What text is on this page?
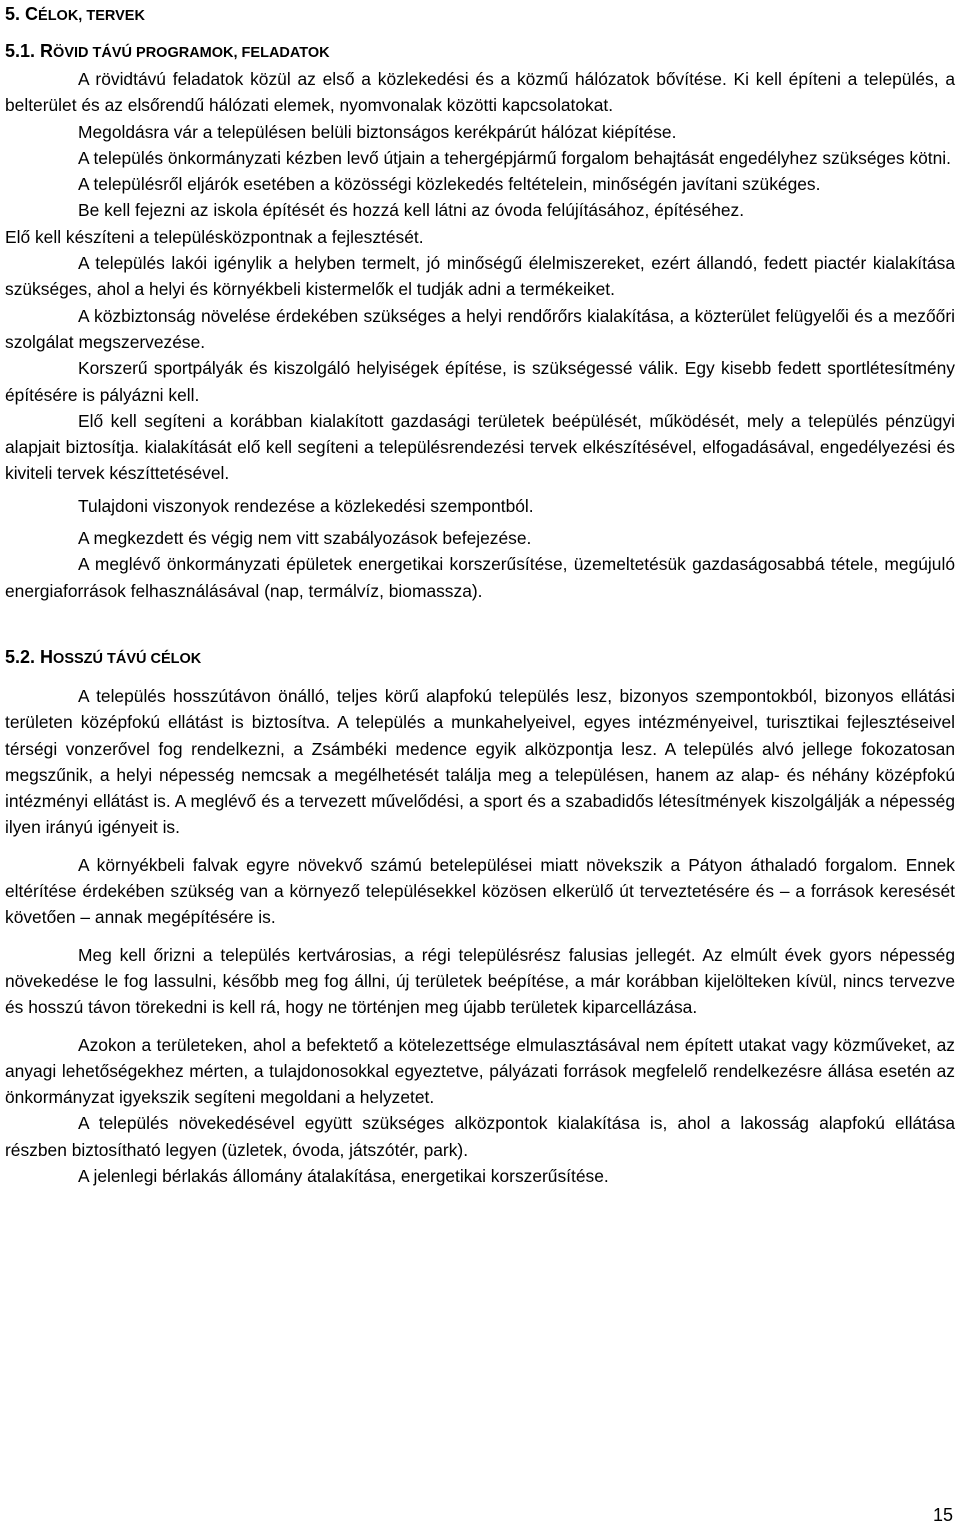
5. CÉLOK, TERVEK
5.1. RÖVID TÁVÚ PROGRAMOK, FELADATOK

A rövidtávú feladatok közül az első a közlekedési és a közmű hálózatok bővítése. Ki kell építeni a település, a belterület és az elsőrendű hálózati elemek, nyomvonalak közötti kapcsolatokat.

Megoldásra vár a településen belüli biztonságos kerékpárút hálózat kiépítése.

A település önkormányzati kézben levő útjain a tehergépjármű forgalom behajtását engedélyhez szükséges kötni.

A településről eljárók esetében a közösségi közlekedés feltételein, minőségén javítani szükéges.

Be kell fejezni az iskola építését és hozzá kell látni az óvoda felújításához, építéséhez.

Elő kell készíteni a településközpontnak a fejlesztését.

A település lakói igénylik a helyben termelt, jó minőségű élelmiszereket, ezért állandó, fedett piactér kialakítása szükséges, ahol a helyi és környékbeli kistermelők el tudják adni a termékeiket.

A közbiztonság növelése érdekében szükséges a helyi rendőrőrs kialakítása, a közterület felügyelői és a mezőőri szolgálat megszervezése.

Korszerű sportpályák és kiszolgáló helyiségek építése, is szükségessé válik. Egy kisebb fedett sportlétesítmény építésére is pályázni kell.

Elő kell segíteni a korábban kialakított gazdasági területek beépülését, működését, mely a település pénzügyi alapjait biztosítja. kialakítását elő kell segíteni a településrendezési tervek elkészítésével, elfogadásával, engedélyezési és kiviteli tervek készíttetésével.

Tulajdoni viszonyok rendezése a közlekedési szempontból.

A megkezdett és végig nem vitt szabályozások befejezése.

A meglévő önkormányzati épületek energetikai korszerűsítése, üzemeltetésük gazdaságosabbá tétele, megújuló energiaforrások felhasználásával (nap, termálvíz, biomassza).

5.2. HOSSZÚ TÁVÚ CÉLOK

A település hosszútávon önálló, teljes körű alapfokú település lesz, bizonyos szempontokból, bizonyos ellátási területen középfokú ellátást is biztosítva. A település a munkahelyeivel, egyes intézményeivel, turisztikai fejlesztéseivel térségi vonzerővel fog rendelkezni, a Zsámbéki medence egyik alközpontja lesz. A település alvó jellege fokozatosan megszűnik, a helyi népesség nemcsak a megélhetését találja meg a településen, hanem az alap- és néhány középfokú intézményi ellátást is. A meglévő és a tervezett művelődési, a sport és a szabadidős létesítmények kiszolgálják a népesség ilyen irányú igényeit is.

A környékbeli falvak egyre növekvő számú betelepülései miatt növekszik a Pátyon áthaladó forgalom. Ennek eltérítése érdekében szükség van a környező településekkel közösen elkerülő út terveztetésére és – a források keresését követően – annak megépítésére is.

Meg kell őrizni a település kertvárosias, a régi településrész falusias jellegét. Az elmúlt évek gyors népesség növekedése le fog lassulni, később meg fog állni, új területek beépítése, a már korábban kijelölteken kívül, nincs tervezve és hosszú távon törekedni is kell rá, hogy ne történjen meg újabb területek kiparcellázása.

Azokon a területeken, ahol a befektető a kötelezettsége elmulasztásával nem épített utakat vagy közműveket, az anyagi lehetőségekhez mérten, a tulajdonosokkal egyeztetve, pályázati források megfelelő rendelkezésre állása esetén az önkormányzat igyekszik segíteni megoldani a helyzetet.

A település növekedésével együtt szükséges alközpontok kialakítása is, ahol a lakosság alapfokú ellátása részben biztosítható legyen (üzletek, óvoda, játszótér, park).

A jelenlegi bérlakás állomány átalakítása, energetikai korszerűsítése.

15
